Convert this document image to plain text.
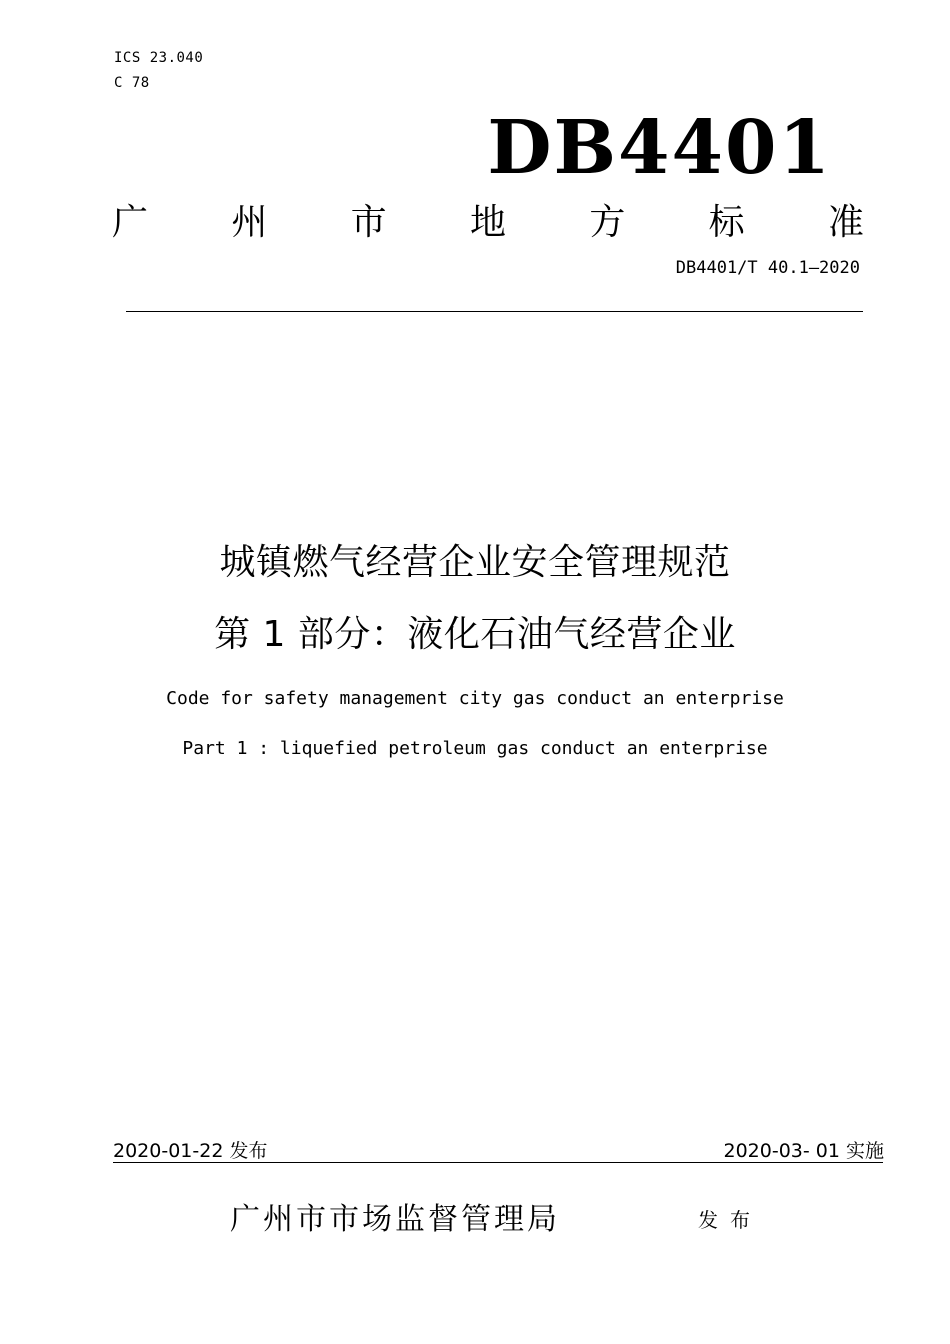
ICS 23.040
C 78
DB4401
广 州 市 地 方 标 准
DB4401/T 40.1—2020
城镇燃气经营企业安全管理规范
第 1 部分：液化石油气经营企业
Code for safety management city gas conduct an enterprise
Part 1 : liquefied petroleum gas conduct an enterprise
2020-01-22 发布	2020-03- 01 实施
广州市市场监督管理局	发布
